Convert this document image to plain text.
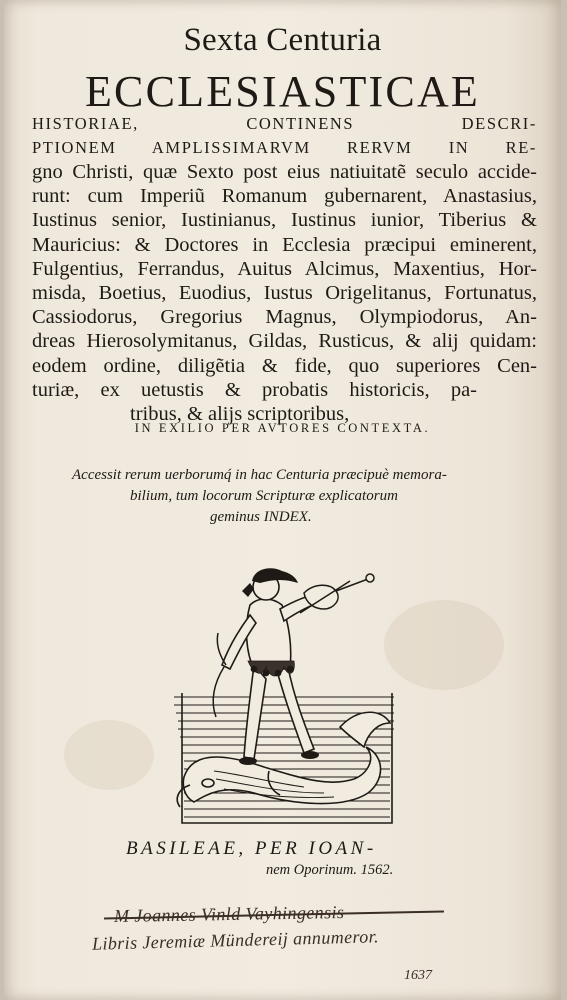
Sexta Centuria
ECCLESIASTICAE
HISTORIAE, CONTINENS DESCRI-
PTIONEM AMPLISSIMARVM RERVM IN RE-
gno Christi, quæ Sexto post eius natiuitatẽ seculo accide-
runt: cum Imperiũ Romanum gubernarent, Anastasius,
Iustinus senior, Iustinianus, Iustinus iunior, Tiberius &
Mauricius: & Doctores in Ecclesia præcipui eminerent,
Fulgentius, Ferrandus, Auitus Alcimus, Maxentius, Hor-
misda, Boetius, Euodius, Iustus Origelitanus, Fortunatus,
Cassiodorus, Gregorius Magnus, Olympiodorus, An-
dreas Hierosolymitanus, Gildas, Rusticus, & alij quidam:
eodem ordine, diligẽtia & fide, quo superiores Cen-
turiæ, ex uetustis & probatis historicis, pa-
tribus, & alijs scriptoribus,
IN EXILIO PER AVTORES CONTEXTA.
Accessit rerum uerborumq́ in hac Centuria præcipuè memora-
bilium, tum locorum Scripturæ explicatorum
geminus INDEX.
BASILEAE, PER IOAN-
nem Oporinum. 1562.
M Joannes Vinld Vayhingensis
Libris Jeremiæ Mündereij annumeror.
1637
